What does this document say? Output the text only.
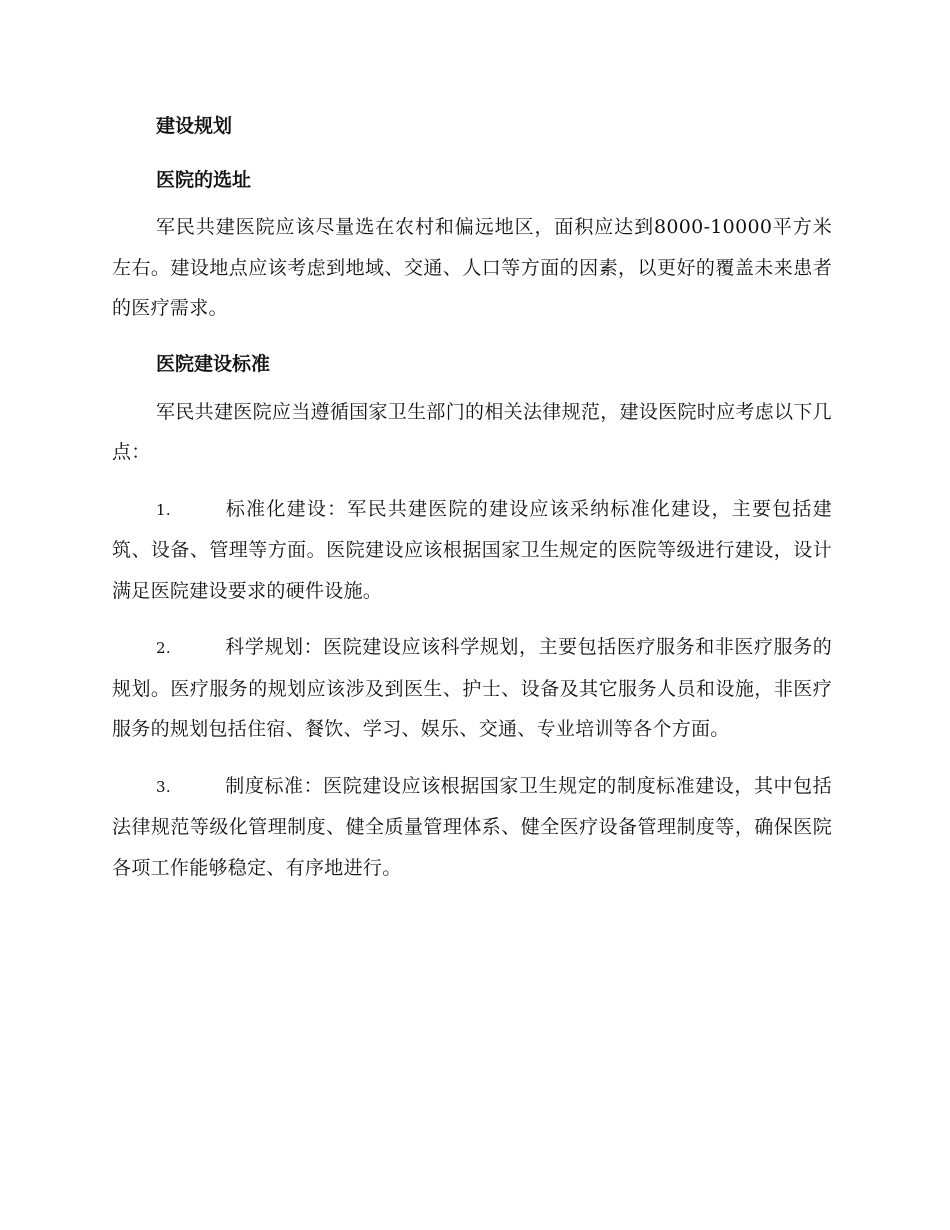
建设规划
医院的选址

军民共建医院应该尽量选在农村和偏远地区，面积应达到8000-10000平方米左右。建设地点应该考虑到地域、交通、人口等方面的因素，以更好的覆盖未来患者的医疗需求。

医院建设标准

军民共建医院应当遵循国家卫生部门的相关法律规范，建设医院时应考虑以下几点：

1.	标准化建设：军民共建医院的建设应该采纳标准化建设，主要包括建筑、设备、管理等方面。医院建设应该根据国家卫生规定的医院等级进行建设，设计满足医院建设要求的硬件设施。

2.	科学规划：医院建设应该科学规划，主要包括医疗服务和非医疗服务的规划。医疗服务的规划应该涉及到医生、护士、设备及其它服务人员和设施，非医疗服务的规划包括住宿、餐饮、学习、娱乐、交通、专业培训等各个方面。

3.	制度标准：医院建设应该根据国家卫生规定的制度标准建设，其中包括法律规范等级化管理制度、健全质量管理体系、健全医疗设备管理制度等，确保医院各项工作能够稳定、有序地进行。
